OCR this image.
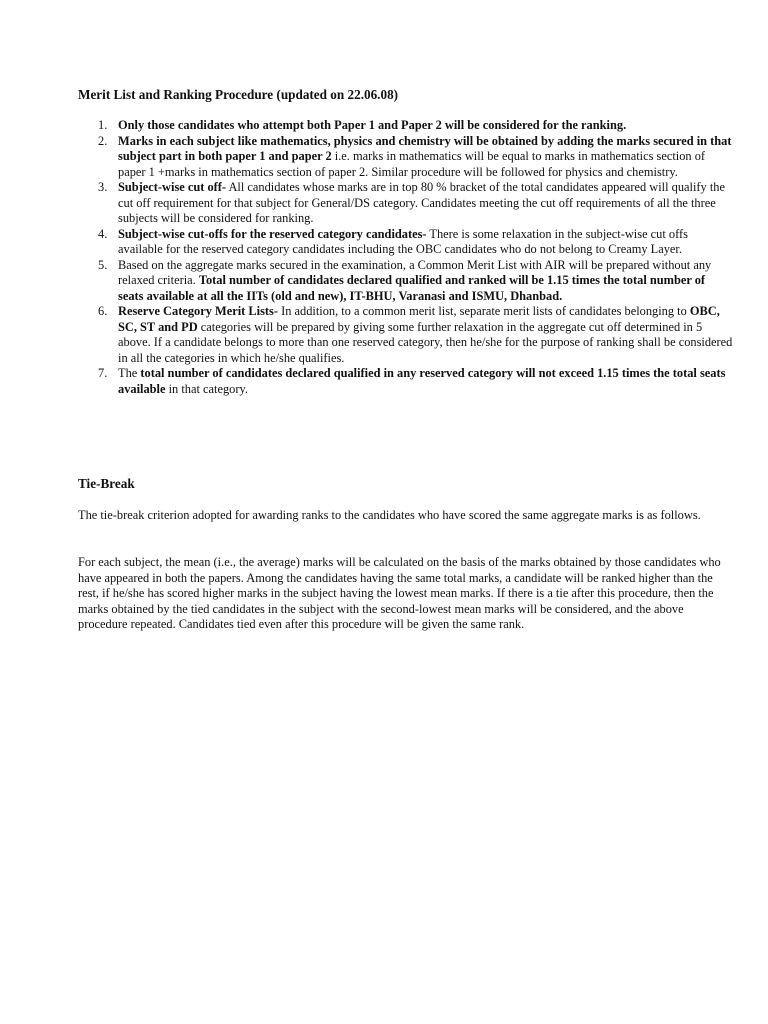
Merit List and Ranking Procedure (updated on 22.06.08)
1. Only those candidates who attempt both Paper 1 and Paper 2 will be considered for the ranking.
2. Marks in each subject like mathematics, physics and chemistry will be obtained by adding the marks secured in that subject part in both paper 1 and paper 2 i.e. marks in mathematics will be equal to marks in mathematics section of paper 1 +marks in mathematics section of paper 2. Similar procedure will be followed for physics and chemistry.
3. Subject-wise cut off- All candidates whose marks are in top 80 % bracket of the total candidates appeared will qualify the cut off requirement for that subject for General/DS category. Candidates meeting the cut off requirements of all the three subjects will be considered for ranking.
4. Subject-wise cut-offs for the reserved category candidates- There is some relaxation in the subject-wise cut offs available for the reserved category candidates including the OBC candidates who do not belong to Creamy Layer.
5. Based on the aggregate marks secured in the examination, a Common Merit List with AIR will be prepared without any relaxed criteria. Total number of candidates declared qualified and ranked will be 1.15 times the total number of seats available at all the IITs (old and new), IT-BHU, Varanasi and ISMU, Dhanbad.
6. Reserve Category Merit Lists- In addition, to a common merit list, separate merit lists of candidates belonging to OBC, SC, ST and PD categories will be prepared by giving some further relaxation in the aggregate cut off determined in 5 above. If a candidate belongs to more than one reserved category, then he/she for the purpose of ranking shall be considered in all the categories in which he/she qualifies.
7. The total number of candidates declared qualified in any reserved category will not exceed 1.15 times the total seats available in that category.
Tie-Break

The tie-break criterion adopted for awarding ranks to the candidates who have scored the same aggregate marks is as follows.

For each subject, the mean (i.e., the average) marks will be calculated on the basis of the marks obtained by those candidates who have appeared in both the papers. Among the candidates having the same total marks, a candidate will be ranked higher than the rest, if he/she has scored higher marks in the subject having the lowest mean marks. If there is a tie after this procedure, then the marks obtained by the tied candidates in the subject with the second-lowest mean marks will be considered, and the above procedure repeated. Candidates tied even after this procedure will be given the same rank.
